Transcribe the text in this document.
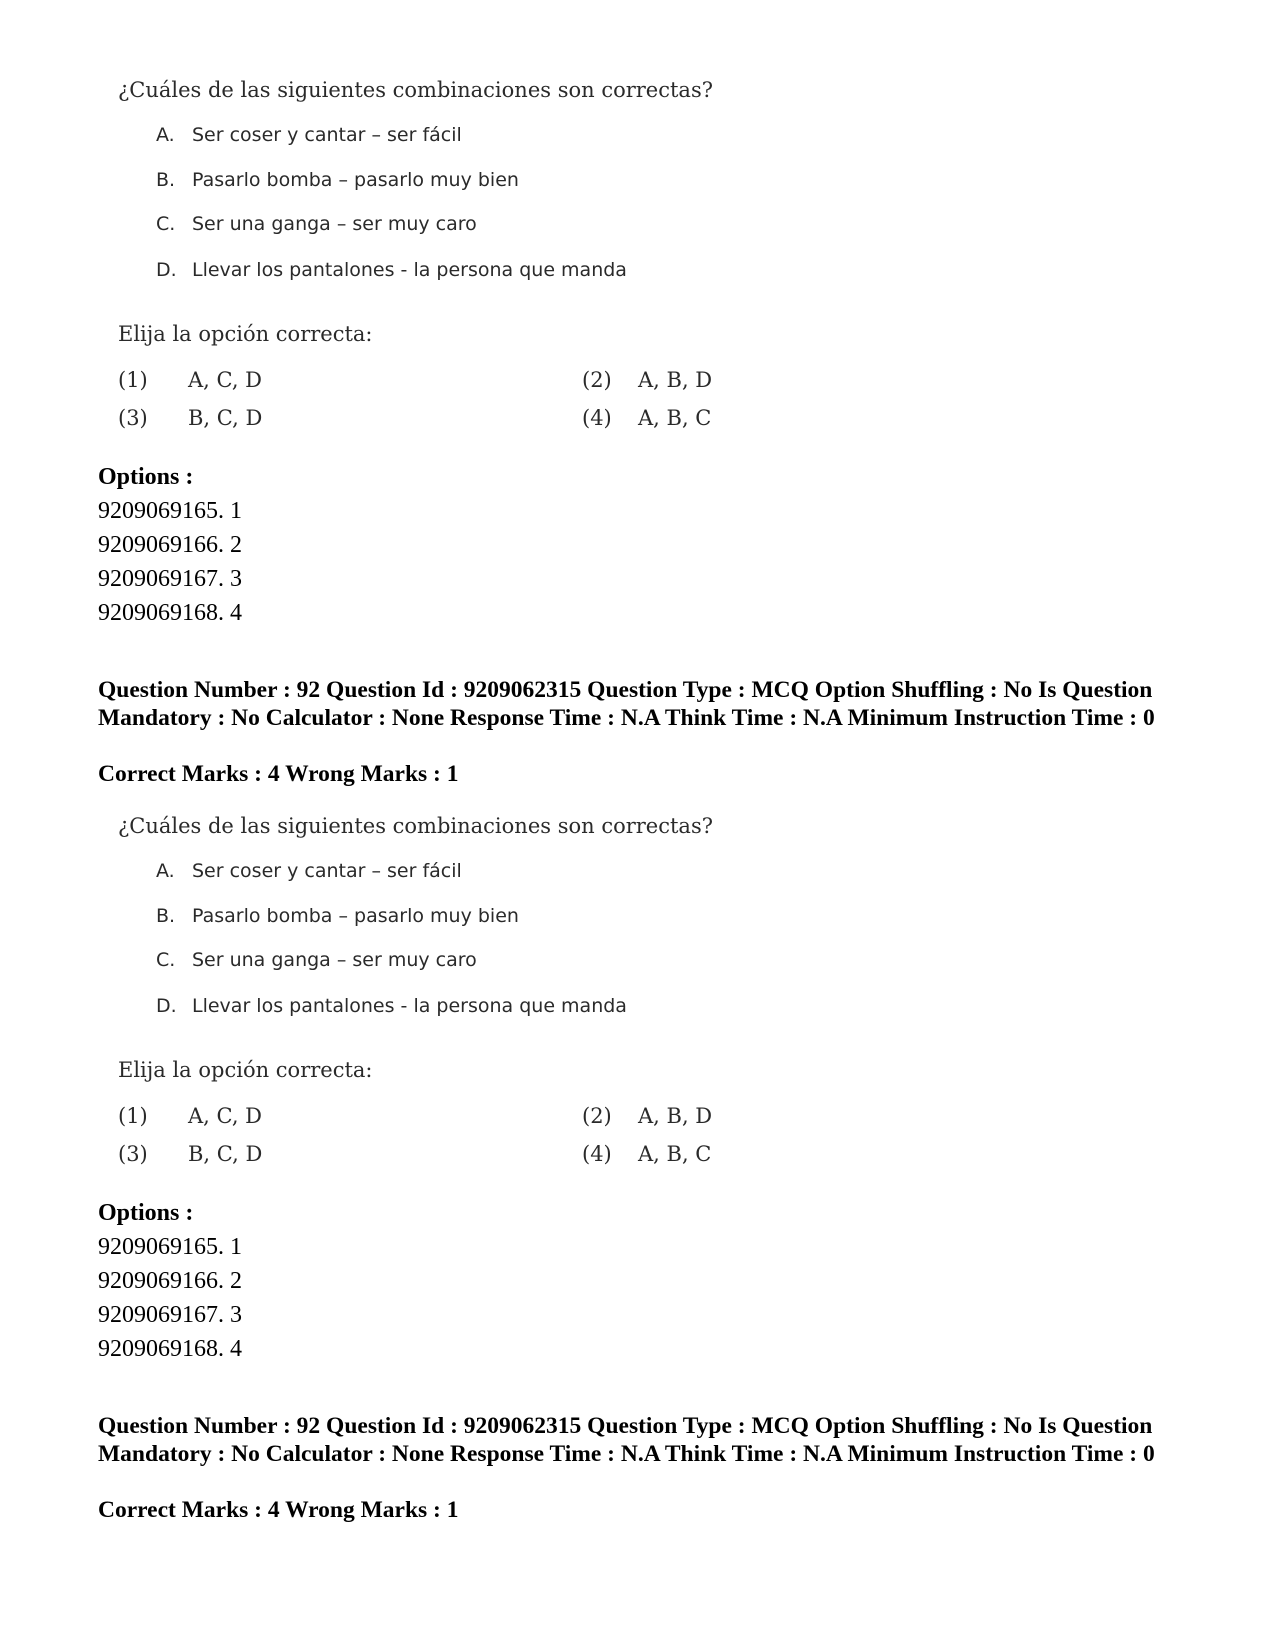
¿Cuáles de las siguientes combinaciones son correctas?
A. Ser coser y cantar – ser fácil
B. Pasarlo bomba – pasarlo muy bien
C. Ser una ganga – ser muy caro
D. Llevar los pantalones - la persona que manda
Elija la opción correcta:
(1) A, C, D	(2) A, B, D
(3) B, C, D	(4) A, B, C
Options :
9209069165. 1
9209069166. 2
9209069167. 3
9209069168. 4
Question Number : 92 Question Id : 9209062315 Question Type : MCQ Option Shuffling : No Is Question Mandatory : No Calculator : None Response Time : N.A Think Time : N.A Minimum Instruction Time : 0
Correct Marks : 4 Wrong Marks : 1
¿Cuáles de las siguientes combinaciones son correctas?
A. Ser coser y cantar – ser fácil
B. Pasarlo bomba – pasarlo muy bien
C. Ser una ganga – ser muy caro
D. Llevar los pantalones - la persona que manda
Elija la opción correcta:
(1) A, C, D	(2) A, B, D
(3) B, C, D	(4) A, B, C
Options :
9209069165. 1
9209069166. 2
9209069167. 3
9209069168. 4
Question Number : 92 Question Id : 9209062315 Question Type : MCQ Option Shuffling : No Is Question Mandatory : No Calculator : None Response Time : N.A Think Time : N.A Minimum Instruction Time : 0
Correct Marks : 4 Wrong Marks : 1
